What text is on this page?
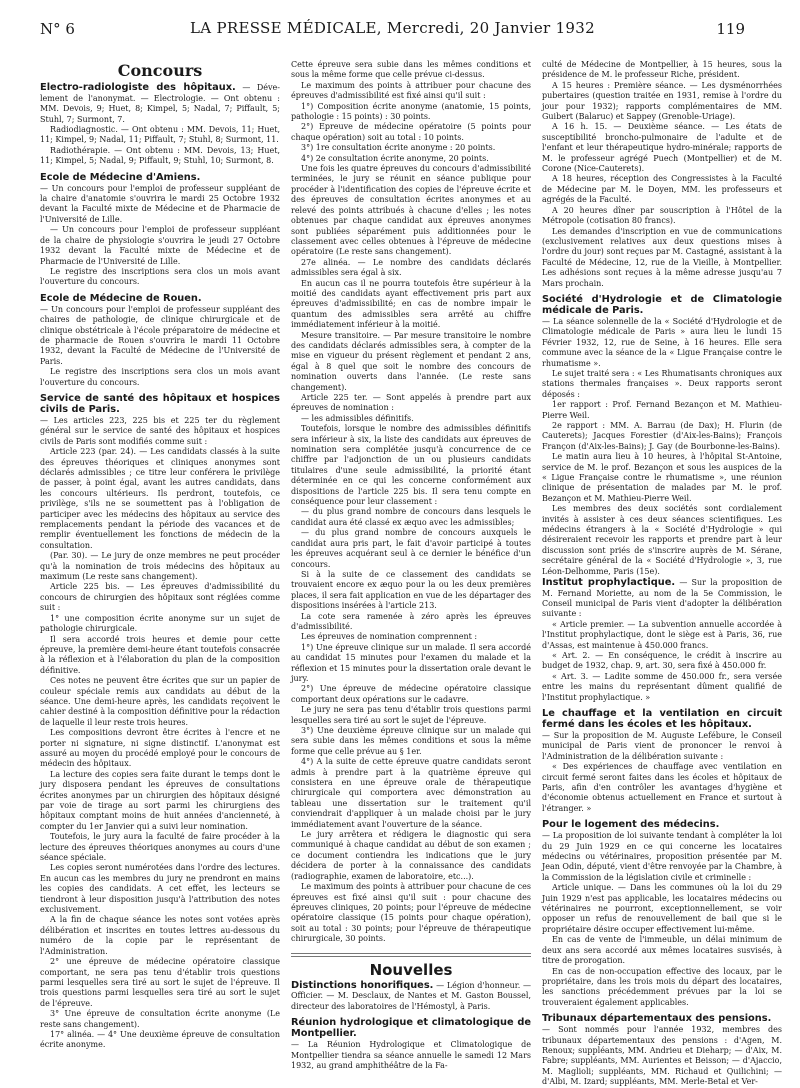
N° 6	LA PRESSE MÉDICALE, Mercredi, 20 Janvier 1932	119
Concours

Electro-radiologiste des hôpitaux. — Déve-lement de l'anonymat. — Electrologie. — Ont obtenu : MM. Devois, 9; Huet, 8; Kimpel, 5; Nadal, 7; Piffault, 5; Stuhl, 7; Surmont, 7.

Radiodiagnostic. — Ont obtenu : MM. Devois, 11; Huet, 11; Kimpel, 9; Nadal, 11; Piffault, 7; Stuhl, 8; Surmont, 11.

Radiothérapie. — Ont obtenu : MM. Devois, 13; Huet, 11; Kimpel, 5; Nadal, 9; Piffault, 9; Stuhl, 10; Surmont, 8.

Ecole de Médecine d'Amiens.

— Un concours pour l'emploi de professeur suppléant de la chaire d'anatomie s'ouvrira le mardi 25 Octobre 1932 devant la Faculté mixte de Médecine et de Pharmacie de l'Université de Lille.

— Un concours pour l'emploi de professeur suppléant de la chaire de physiologie s'ouvrira le jeudi 27 Octobre 1932 devant la Faculté mixte de Médecine et de Pharmacie de l'Université de Lille.

Le registre des inscriptions sera clos un mois avant l'ouverture du concours.

Ecole de Médecine de Rouen.

— Un concours pour l'emploi de professeur suppléant des chaires de pathologie, de clinique chirurgicale et de clinique obstétricale à l'école préparatoire de médecine et de pharmacie de Rouen s'ouvrira le mardi 11 Octobre 1932, devant la Faculté de Médecine de l'Université de Paris.

Le registre des inscriptions sera clos un mois avant l'ouverture du concours.

Service de santé des hôpitaux et hospices civils de Paris.

— Les articles 223, 225 bis et 225 ter du règlement général sur le service de santé des hôpitaux et hospices civils de Paris sont modifiés comme suit :

Article 223 (par. 24). — Les candidats classés à la suite des épreuves théoriques et cliniques anonymes sont déclarés admissibles ; ce titre leur conférera le privilège de passer, à point égal, avant les autres candidats, dans les concours ultérieurs. Ils perdront, toutefois, ce privilège, s'ils ne se soumettent pas à l'obligation de participer avec les médecins des hôpitaux au service des remplacements pendant la période des vacances et de remplir éventuellement les fonctions de médecin de la consultation.

(Par. 30). — Le jury de onze membres ne peut procéder qu'à la nomination de trois médecins des hôpitaux au maximum (Le reste sans changement).

Article 225 bis. — Les épreuves d'admissibilité du concours de chirurgien des hôpitaux sont réglées comme suit :

1° une composition écrite anonyme sur un sujet de pathologie chirurgicale.

Il sera accordé trois heures et demie pour cette épreuve, la première demi-heure étant toutefois consacrée à la réflexion et à l'élaboration du plan de la composition définitive.

Ces notes ne peuvent être écrites que sur un papier de couleur spéciale remis aux candidats au début de la séance. Une demi-heure après, les candidats reçoivent le cahier destiné à la composition définitive pour la rédaction de laquelle il leur reste trois heures.

Les compositions devront être écrites à l'encre et ne porter ni signature, ni signe distinctif. L'anonymat est assuré au moyen du procédé employé pour le concours de médecin des hôpitaux.

La lecture des copies sera faite durant le temps dont le jury disposera pendant les épreuves de consultations écrites anonymes par un chirurgien des hôpitaux désigné par voie de tirage au sort parmi les chirurgiens des hôpitaux comptant moins de huit années d'ancienneté, à compter du 1er Janvier qui a suivi leur nomination.

Toutefois, le jury aura la faculté de faire procéder à la lecture des épreuves théoriques anonymes au cours d'une séance spéciale.

Les copies seront numérotées dans l'ordre des lectures. En aucun cas les membres du jury ne prendront en mains les copies des candidats. A cet effet, les lecteurs se tiendront à leur disposition jusqu'à l'attribution des notes exclusivement.

A la fin de chaque séance les notes sont votées après délibération et inscrites en toutes lettres au-dessous du numéro de la copie par le représentant de l'Administration.

2° une épreuve de médecine opératoire classique comportant, ne sera pas tenu d'établir trois questions parmi lesquelles sera tiré au sort le sujet de l'épreuve. Il trois questions parmi lesquelles sera tiré au sort le sujet de l'épreuve.

3° Une épreuve de consultation écrite anonyme (Le reste sans changement).

17° alinéa. — 4° Une deuxième épreuve de consultation écrite anonyme.

Cette épreuve sera subie dans les mêmes conditions et sous la même forme que celle prévue ci-dessus.

Le maximum des points à attribuer pour chacune des épreuves d'admissibilité est fixé ainsi qu'il suit :

1°) Composition écrite anonyme (anatomie, 15 points, pathologie : 15 points) : 30 points.

2°) Epreuve de médecine opératoire (5 points pour chaque opération) soit au total : 10 points.

3°) 1re consultation écrite anonyme : 20 points.

4°) 2e consultation écrite anonyme, 20 points.

Une fois les quatre épreuves du concours d'admissibilité terminées, le jury se réunit en séance publique pour procéder à l'identification des copies de l'épreuve écrite et des épreuves de consultation écrites anonymes et au relevé des points attribués à chacune d'elles ; les notes obtenues par chaque candidat aux épreuves anonymes sont publiées séparément puis additionnées pour le classement avec celles obtenues à l'épreuve de médecine opératoire (Le reste sans changement).

27e alinéa. — Le nombre des candidats déclarés admissibles sera égal à six.

En aucun cas il ne pourra toutefois être supérieur à la moitié des candidats ayant effectivement pris part aux épreuves d'admissibilité; en cas de nombre impair le quantum des admissibles sera arrêté au chiffre immédiatement inférieur à la moitié.

Mesure transitoire. — Par mesure transitoire le nombre des candidats déclarés admissibles sera, à compter de la mise en vigueur du présent règlement et pendant 2 ans, égal à 8 quel que soit le nombre des concours de nomination ouverts dans l'année. (Le reste sans changement).

Article 225 ter. — Sont appelés à prendre part aux épreuves de nomination :

— les admissibles définitifs.

Toutefois, lorsque le nombre des admissibles définitifs sera inférieur à six, la liste des candidats aux épreuves de nomination sera complétée jusqu'à concurrence de ce chiffre par l'adjonction de un ou plusieurs candidats titulaires d'une seule admissibilité, la priorité étant déterminée en ce qui les concerne conformément aux dispositions de l'article 225 bis. Il sera tenu compte en conséquence pour leur classement :

— du plus grand nombre de concours dans lesquels le candidat aura été classé ex æquo avec les admissibles;

— du plus grand nombre de concours auxquels le candidat aura pris part, le fait d'avoir participé à toutes les épreuves acquérant seul à ce dernier le bénéfice d'un concours.

Si à la suite de ce classement des candidats se trouvaient encore ex æquo pour la ou les deux premières places, il sera fait application en vue de les départager des dispositions insérées à l'article 213.

La cote sera ramenée à zéro après les épreuves d'admissibilité.

Les épreuves de nomination comprennent :

1°) Une épreuve clinique sur un malade. Il sera accordé au candidat 15 minutes pour l'examen du malade et la réflexion et 15 minutes pour la dissertation orale devant le jury.

2°) Une épreuve de médecine opératoire classique comportant deux opérations sur le cadavre.

Le jury ne sera pas tenu d'établir trois questions parmi lesquelles sera tiré au sort le sujet de l'épreuve.

3°) Une deuxième épreuve clinique sur un malade qui sera subie dans les mêmes conditions et sous la même forme que celle prévue au § 1er.

4°) A la suite de cette épreuve quatre candidats seront admis à prendre part à la quatrième épreuve qui consistera en une épreuve orale de thérapeutique chirurgicale qui comportera avec démonstration au tableau une dissertation sur le traitement qu'il conviendrait d'appliquer à un malade choisi par le jury immédiatement avant l'ouverture de la séance.

Le jury arrêtera et rédigera le diagnostic qui sera communiqué à chaque candidat au début de son examen ; ce document contiendra les indications que le jury décidera de porter à la connaissance des candidats (radiographie, examen de laboratoire, etc...).

Le maximum des points à attribuer pour chacune de ces épreuves est fixé ainsi qu'il suit : pour chacune des épreuves cliniques, 20 points; pour l'épreuve de médecine opératoire classique (15 points pour chaque opération), soit au total : 30 points; pour l'épreuve de thérapeutique chirurgicale, 30 points.

Nouvelles

Distinctions honorifiques. — Légion d'honneur. — Officier. — M. Desclaux, de Nantes et M. Gaston Boussel, directeur des laboratoires de l'Hémostyl, à Paris.

Réunion hydrologique et climatologique de Montpellier.

— La Réunion Hydrologique et Climatologique de Montpellier tiendra sa séance annuelle le samedi 12 Mars 1932, au grand amphithéâtre de la Fa-

culté de Médecine de Montpellier, à 15 heures, sous la présidence de M. le professeur Riche, président.

A 15 heures : Première séance. — Les dysménorrhées pubertaires (question traitée en 1931, remise à l'ordre du jour pour 1932); rapports complémentaires de MM. Guibert (Balaruc) et Sappey (Grenoble-Uriage).

A 16 h. 15. — Deuxième séance. — Les états de susceptibilité broncho-pulmonaire de l'adulte et de l'enfant et leur thérapeutique hydro-minérale; rapports de M. le professeur agrégé Puech (Montpellier) et de M. Corone (Nice-Cauterets).

A 18 heures, réception des Congressistes à la Faculté de Médecine par M. le Doyen, MM. les professeurs et agrégés de la Faculté.

A 20 heures dîner par souscription à l'Hôtel de la Métropole (cotisation 80 francs).

Les demandes d'inscription en vue de communications (exclusivement relatives aux deux questions mises à l'ordre du jour) sont reçues par M. Castagné, assistant à la Faculté de Médecine, 12, rue de la Vieille, à Montpellier. Les adhésions sont reçues à la même adresse jusqu'au 7 Mars prochain.

Société d'Hydrologie et de Climatologie médicale de Paris.

— La séance solennelle de la « Société d'Hydrologie et de Climatologie médicale de Paris » aura lieu le lundi 15 Février 1932, 12, rue de Seine, à 16 heures. Elle sera commune avec la séance de la « Ligue Française contre le rhumatisme ».

Le sujet traité sera : « Les Rhumatisants chroniques aux stations thermales françaises ». Deux rapports seront déposés :

1er rapport : Prof. Fernand Bezançon et M. Mathieu-Pierre Weil.

2e rapport : MM. A. Barrau (de Dax); H. Flurin (de Cauterets); Jacques Forestier (d'Aix-les-Bains); François Françon (d'Aix-les-Bains); J. Gay (de Bourbonne-les-Bains).

Le matin aura lieu à 10 heures, à l'hôpital St-Antoine, service de M. le prof. Bezançon et sous les auspices de la « Ligue Française contre le rhumatisme », une réunion clinique de présentation de malades par M. le prof. Bezançon et M. Mathieu-Pierre Weil.

Les membres des deux sociétés sont cordialement invités à assister à ces deux séances scientifiques. Les médecins étrangers à la « Société d'Hydrologie » qui désireraient recevoir les rapports et prendre part à leur discussion sont priés de s'inscrire auprès de M. Sérane, secrétaire général de la « Société d'Hydrologie », 3, rue Léon-Delhomme, Paris (15e).

Institut prophylactique. — Sur la proposition de M. Fernand Moriette, au nom de la 5e Commission, le Conseil municipal de Paris vient d'adopter la délibération suivante :

« Article premier. — La subvention annuelle accordée à l'Institut prophylactique, dont le siège est à Paris, 36, rue d'Assas, est maintenue à 450.000 francs.

« Art. 2. — En conséquence, le crédit à inscrire au budget de 1932, chap. 9, art. 30, sera fixé à 450.000 fr.

« Art. 3. — Ladite somme de 450.000 fr., sera versée entre les mains du représentant dûment qualifié de l'Institut prophylactique. »

Le chauffage et la ventilation en circuit fermé dans les écoles et les hôpitaux.

— Sur la proposition de M. Auguste Lefébure, le Conseil municipal de Paris vient de prononcer le renvoi à l'Administration de la délibération suivante :

« Des expériences de chauffage avec ventilation en circuit fermé seront faites dans les écoles et hôpitaux de Paris, afin d'en contrôler les avantages d'hygiène et d'économie obtenus actuellement en France et surtout à l'étranger. »

Pour le logement des médecins.

— La proposition de loi suivante tendant à compléter la loi du 29 Juin 1929 en ce qui concerne les locataires médecins ou vétérinaires, proposition présentée par M. Jean Odin, député, vient d'être renvoyée par la Chambre, à la Commission de la législation civile et criminelle :

Article unique. — Dans les communes où la loi du 29 Juin 1929 n'est pas applicable, les locataires médecins ou vétérinaires ne pourront, exceptionnellement, se voir opposer un refus de renouvellement de bail que si le propriétaire désire occuper effectivement lui-même.

En cas de vente de l'immeuble, un délai minimum de deux ans sera accordé aux mêmes locataires susvisés, à titre de prorogation.

En cas de non-occupation effective des locaux, par le propriétaire, dans les trois mois du départ des locataires, les sanctions précédemment prévues par la loi se trouveraient également applicables.

Tribunaux départementaux des pensions.

— Sont nommés pour l'année 1932, membres des tribunaux départementaux des pensions : d'Agen, M. Renoux; suppléants, MM. Andrieu et Dieharp; — d'Aix, M. Fabre; suppléants, MM. Aurientes et Beisson; — d'Ajaccio, M. Maglioli; suppléants, MM. Richaud et Quilichini; — d'Albi, M. Izard; suppléants, MM. Merle-Betal et Ver-
